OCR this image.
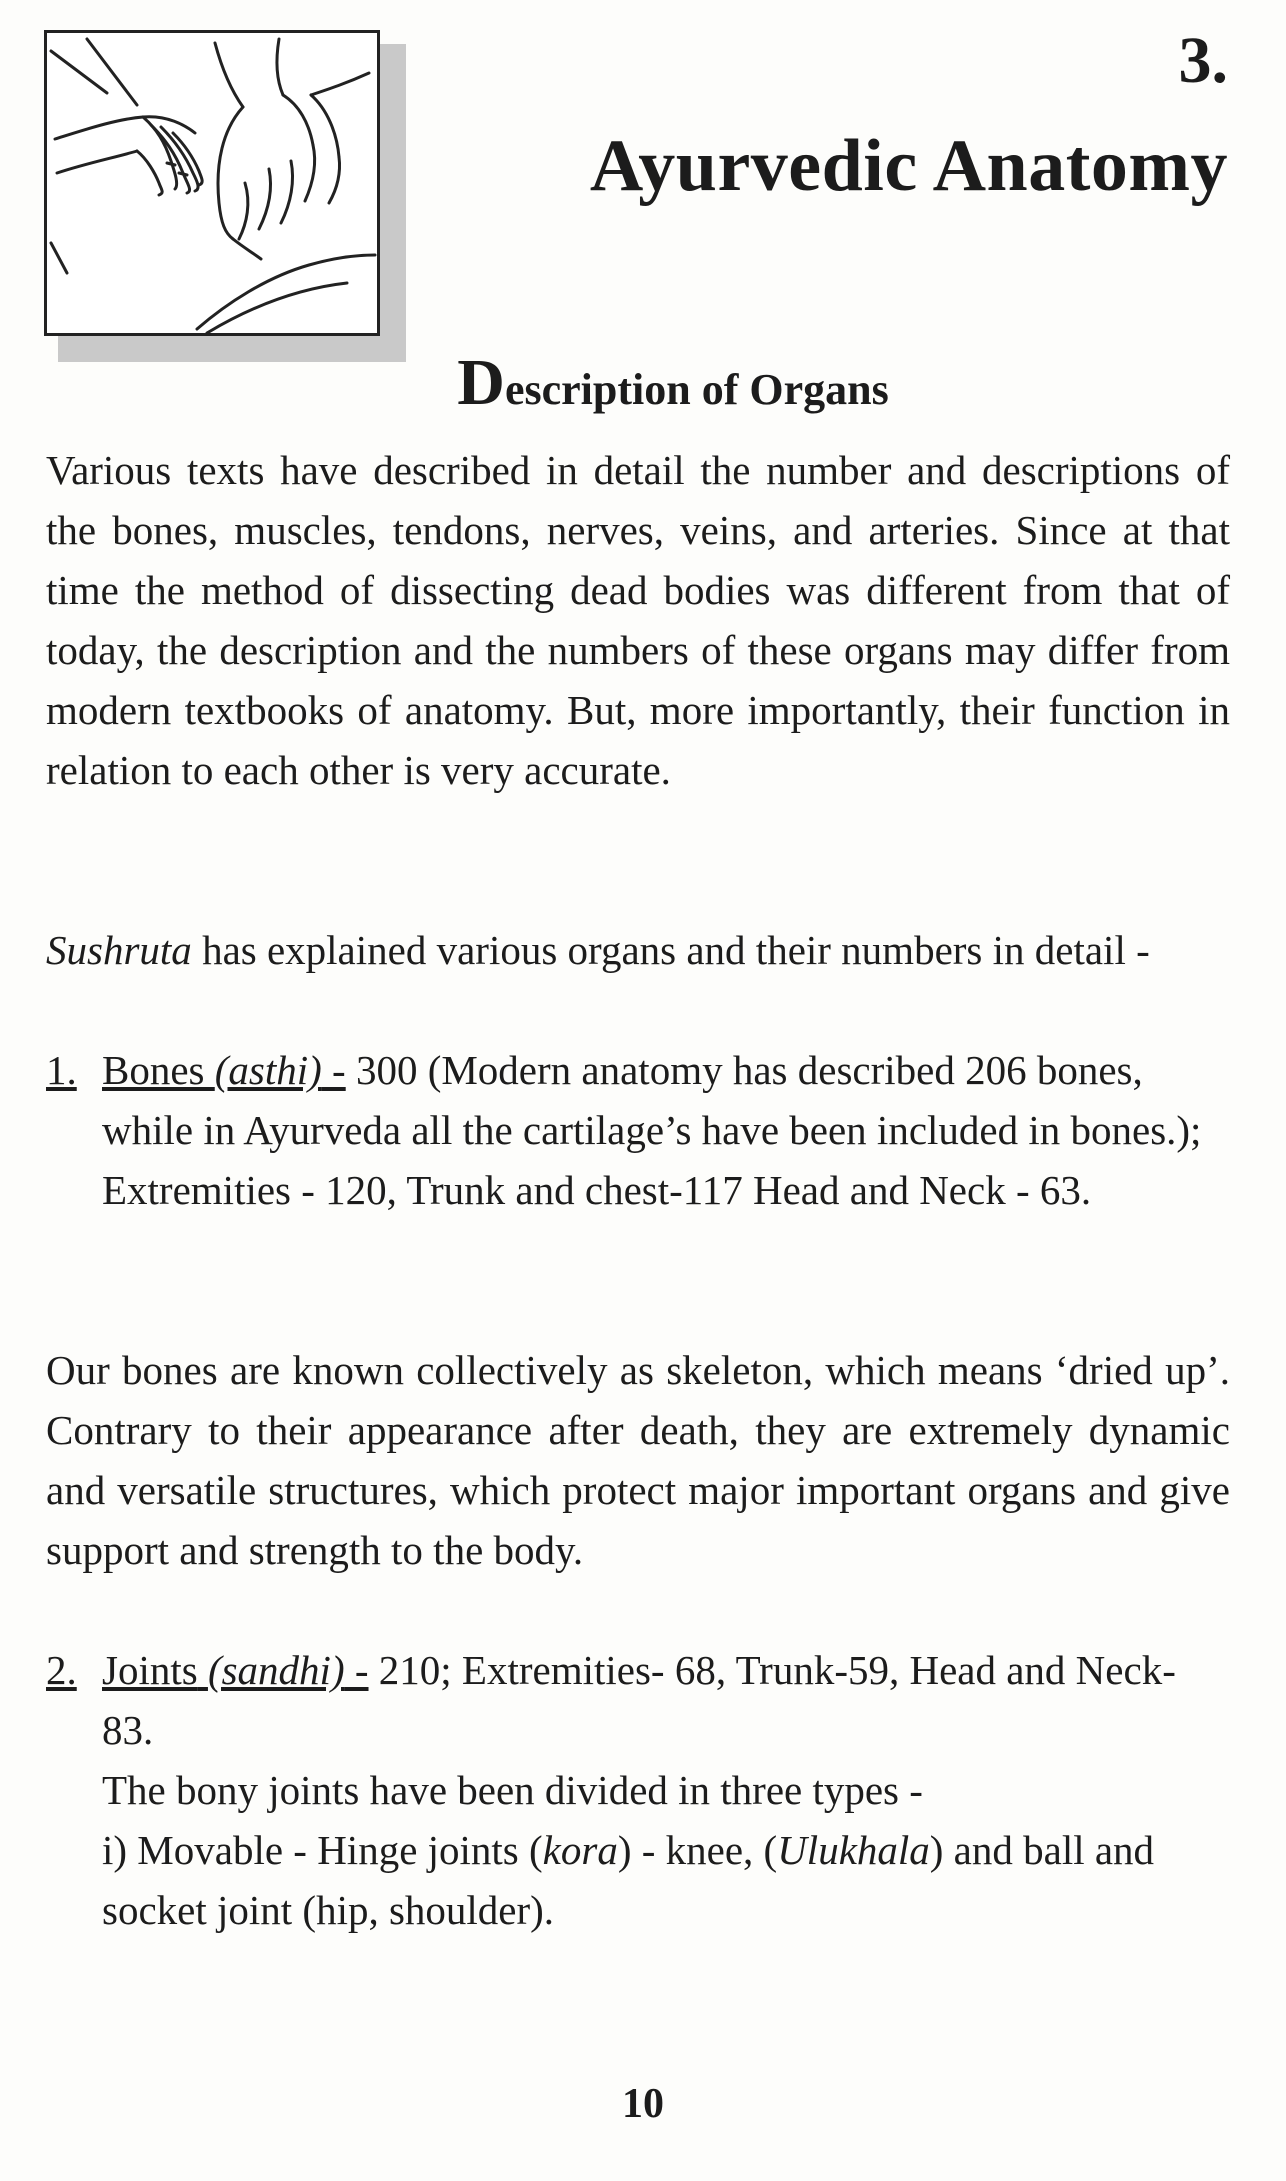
3.
Ayurvedic Anatomy
Description of Organs
Various texts have described in detail the number and descriptions of the bones, muscles, tendons, nerves, veins, and arteries. Since at that time the method of dissecting dead bodies was different from that of today, the description and the numbers of these organs may differ from modern textbooks of anatomy. But, more importantly, their function in relation to each other is very accurate.
Sushruta has explained various organs and their numbers in detail -
1. Bones (asthi) - 300 (Modern anatomy has described 206 bones, while in Ayurveda all the cartilage’s have been included in bones.); Extremities - 120, Trunk and chest-117 Head and Neck - 63.
Our bones are known collectively as skeleton, which means ‘dried up’. Contrary to their appearance after death, they are extremely dynamic and versatile structures, which protect major important organs and give support and strength to the body.
2. Joints (sandhi) - 210; Extremities- 68, Trunk-59, Head and Neck- 83.
The bony joints have been divided in three types -
i) Movable - Hinge joints (kora) - knee, (Ulukhala) and ball and socket joint (hip, shoulder).
10
